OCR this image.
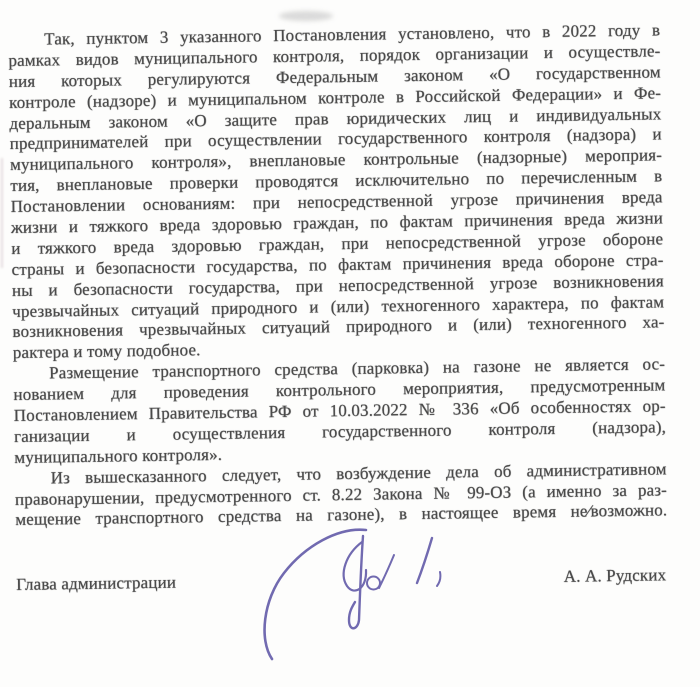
Так, пунктом 3 указанного Постановления установлено, что в 2022 году в
рамках видов муниципального контроля, порядок организации и осуществле-
ния которых регулируются Федеральным законом «О государственном
контроле (надзоре) и муниципальном контроле в Российской Федерации» и Фе-
деральным законом «О защите прав юридических лиц и индивидуальных
предпринимателей при осуществлении государственного контроля (надзора) и
муниципального контроля», внеплановые контрольные (надзорные) мероприя-
тия, внеплановые проверки проводятся исключительно по перечисленным в
Постановлении основаниям: при непосредственной угрозе причинения вреда
жизни и тяжкого вреда здоровью граждан, по фактам причинения вреда жизни
и тяжкого вреда здоровью граждан, при непосредственной угрозе обороне
страны и безопасности государства, по фактам причинения вреда обороне стра-
ны и безопасности государства, при непосредственной угрозе возникновения
чрезвычайных ситуаций природного и (или) техногенного характера, по фактам
возникновения чрезвычайных ситуаций природного и (или) техногенного ха-
рактера и тому подобное.
Размещение транспортного средства (парковка) на газоне не является ос-
нованием для проведения контрольного мероприятия, предусмотренным
Постановлением Правительства РФ от 10.03.2022 № 336 «Об особенностях ор-
ганизации и осуществления государственного контроля (надзора),
муниципального контроля».
Из вышесказанного следует, что возбуждение дела об административном
правонарушении, предусмотренного ст. 8.22 Закона № 99-ОЗ (а именно за раз-
мещение транспортного средства на газоне), в настоящее время не⁄возможно.
Глава администрации	А. А. Рудских
